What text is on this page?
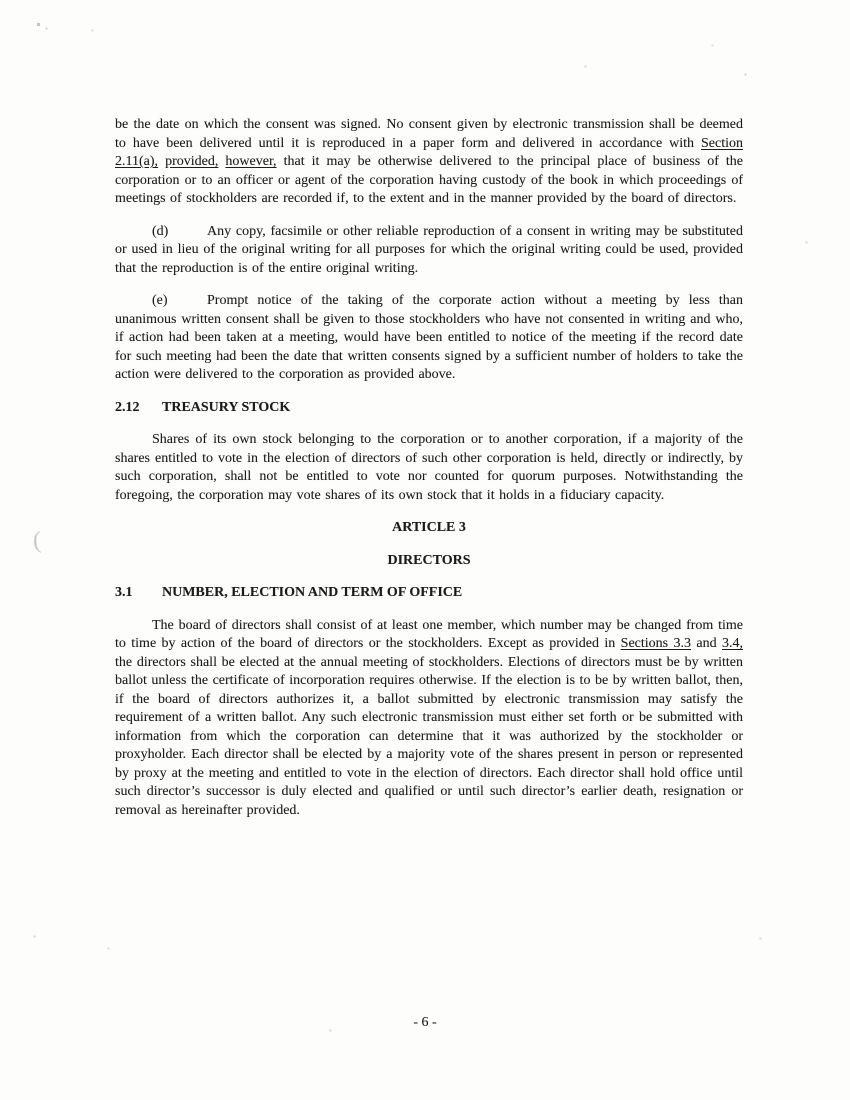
(

be the date on which the consent was signed. No consent given by electronic transmission shall be deemed to have been delivered until it is reproduced in a paper form and delivered in accordance with Section 2.11(a), provided, however, that it may be otherwise delivered to the principal place of business of the corporation or to an officer or agent of the corporation having custody of the book in which proceedings of meetings of stockholders are recorded if, to the extent and in the manner provided by the board of directors.

(d)	Any copy, facsimile or other reliable reproduction of a consent in writing may be substituted or used in lieu of the original writing for all purposes for which the original writing could be used, provided that the reproduction is of the entire original writing.

(e)	Prompt notice of the taking of the corporate action without a meeting by less than unanimous written consent shall be given to those stockholders who have not consented in writing and who, if action had been taken at a meeting, would have been entitled to notice of the meeting if the record date for such meeting had been the date that written consents signed by a sufficient number of holders to take the action were delivered to the corporation as provided above.

2.12 TREASURY STOCK

Shares of its own stock belonging to the corporation or to another corporation, if a majority of the shares entitled to vote in the election of directors of such other corporation is held, directly or indirectly, by such corporation, shall not be entitled to vote nor counted for quorum purposes. Notwithstanding the foregoing, the corporation may vote shares of its own stock that it holds in a fiduciary capacity.

ARTICLE 3
DIRECTORS
3.1 NUMBER, ELECTION AND TERM OF OFFICE

The board of directors shall consist of at least one member, which number may be changed from time to time by action of the board of directors or the stockholders. Except as provided in Sections 3.3 and 3.4, the directors shall be elected at the annual meeting of stockholders. Elections of directors must be by written ballot unless the certificate of incorporation requires otherwise. If the election is to be by written ballot, then, if the board of directors authorizes it, a ballot submitted by electronic transmission may satisfy the requirement of a written ballot. Any such electronic transmission must either set forth or be submitted with information from which the corporation can determine that it was authorized by the stockholder or proxyholder. Each director shall be elected by a majority vote of the shares present in person or represented by proxy at the meeting and entitled to vote in the election of directors. Each director shall hold office until such director’s successor is duly elected and qualified or until such director’s earlier death, resignation or removal as hereinafter provided.

- 6 -
